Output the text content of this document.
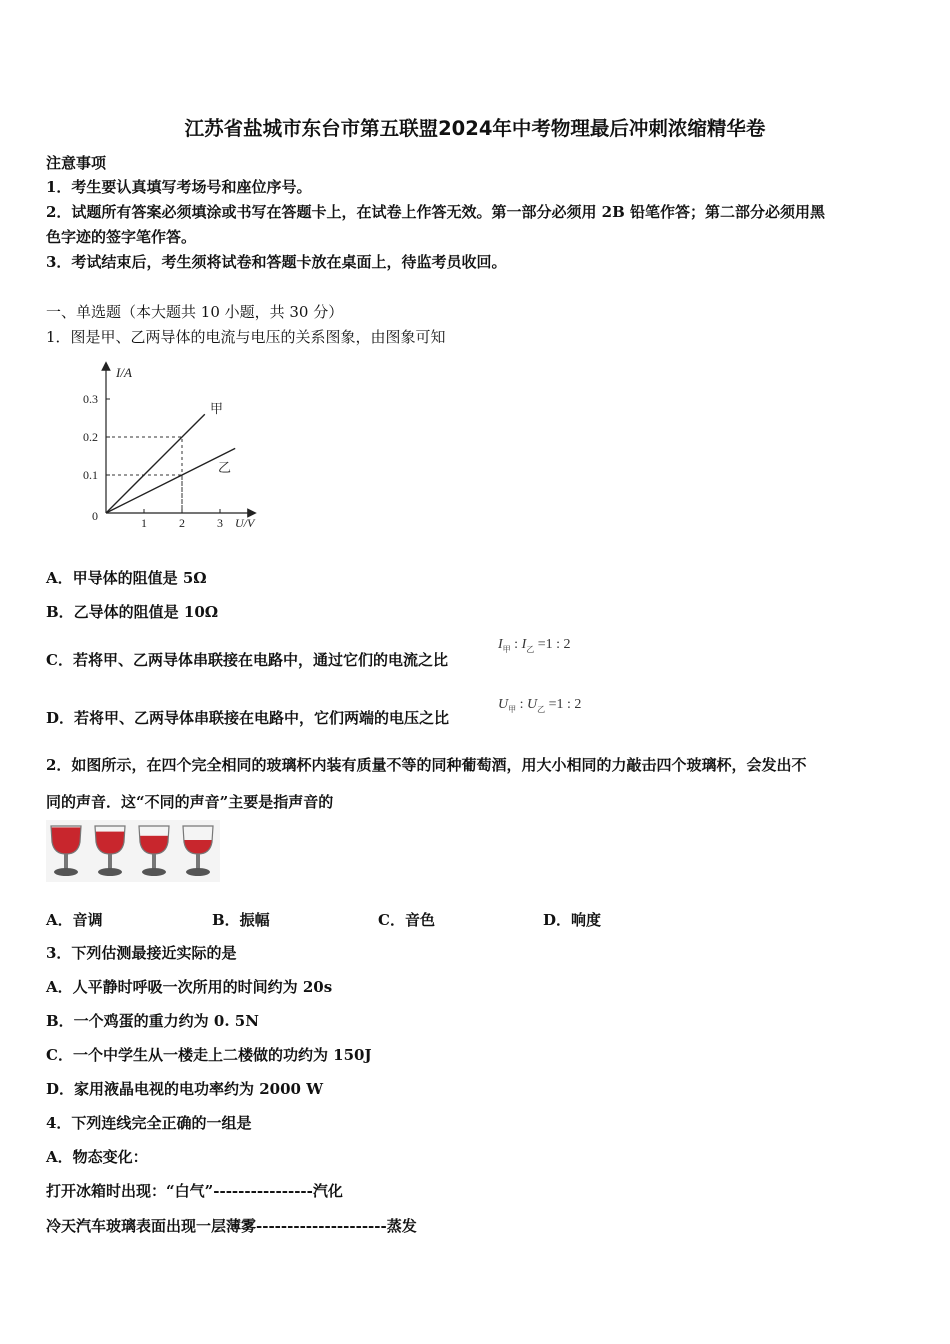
江苏省盐城市东台市第五联盟2024年中考物理最后冲刺浓缩精华卷
注意事项
1．考生要认真填写考场号和座位序号。
2．试题所有答案必须填涂或书写在答题卡上，在试卷上作答无效。第一部分必须用 2B 铅笔作答；第二部分必须用黑
色字迹的签字笔作答。
3．考试结束后，考生须将试卷和答题卡放在桌面上，待监考员收回。
一、单选题（本大题共 10 小题，共 30 分）
1．图是甲、乙两导体的电流与电压的关系图象，由图象可知
1	2	3
0.1
0.2
0.3
I/A
U/V
0
甲
乙
A．甲导体的阻值是 5Ω
B．乙导体的阻值是 10Ω
C．若将甲、乙两导体串联接在电路中，通过它们的电流之比
$I_甲$ : $I_乙 =1$ : 2
D．若将甲、乙两导体串联接在电路中，它们两端的电压之比
$U_甲$ : $U_乙 =1$ : 2
2．如图所示，在四个完全相同的玻璃杯内装有质量不等的同种葡萄酒，用大小相同的力敲击四个玻璃杯，会发出不
同的声音．这“不同的声音”主要是指声音的
A．音调	B．振幅	C．音色	D．响度
3．下列估测最接近实际的是
A．人平静时呼吸一次所用的时间约为 20s
B．一个鸡蛋的重力约为 0. 5N
C．一个中学生从一楼走上二楼做的功约为 150J
D．家用液晶电视的电功率约为 2000 W
4．下列连线完全正确的一组是
A．物态变化：
打开冰箱时出现：“白气”----------------汽化
冷天汽车玻璃表面出现一层薄雾---------------------蒸发
